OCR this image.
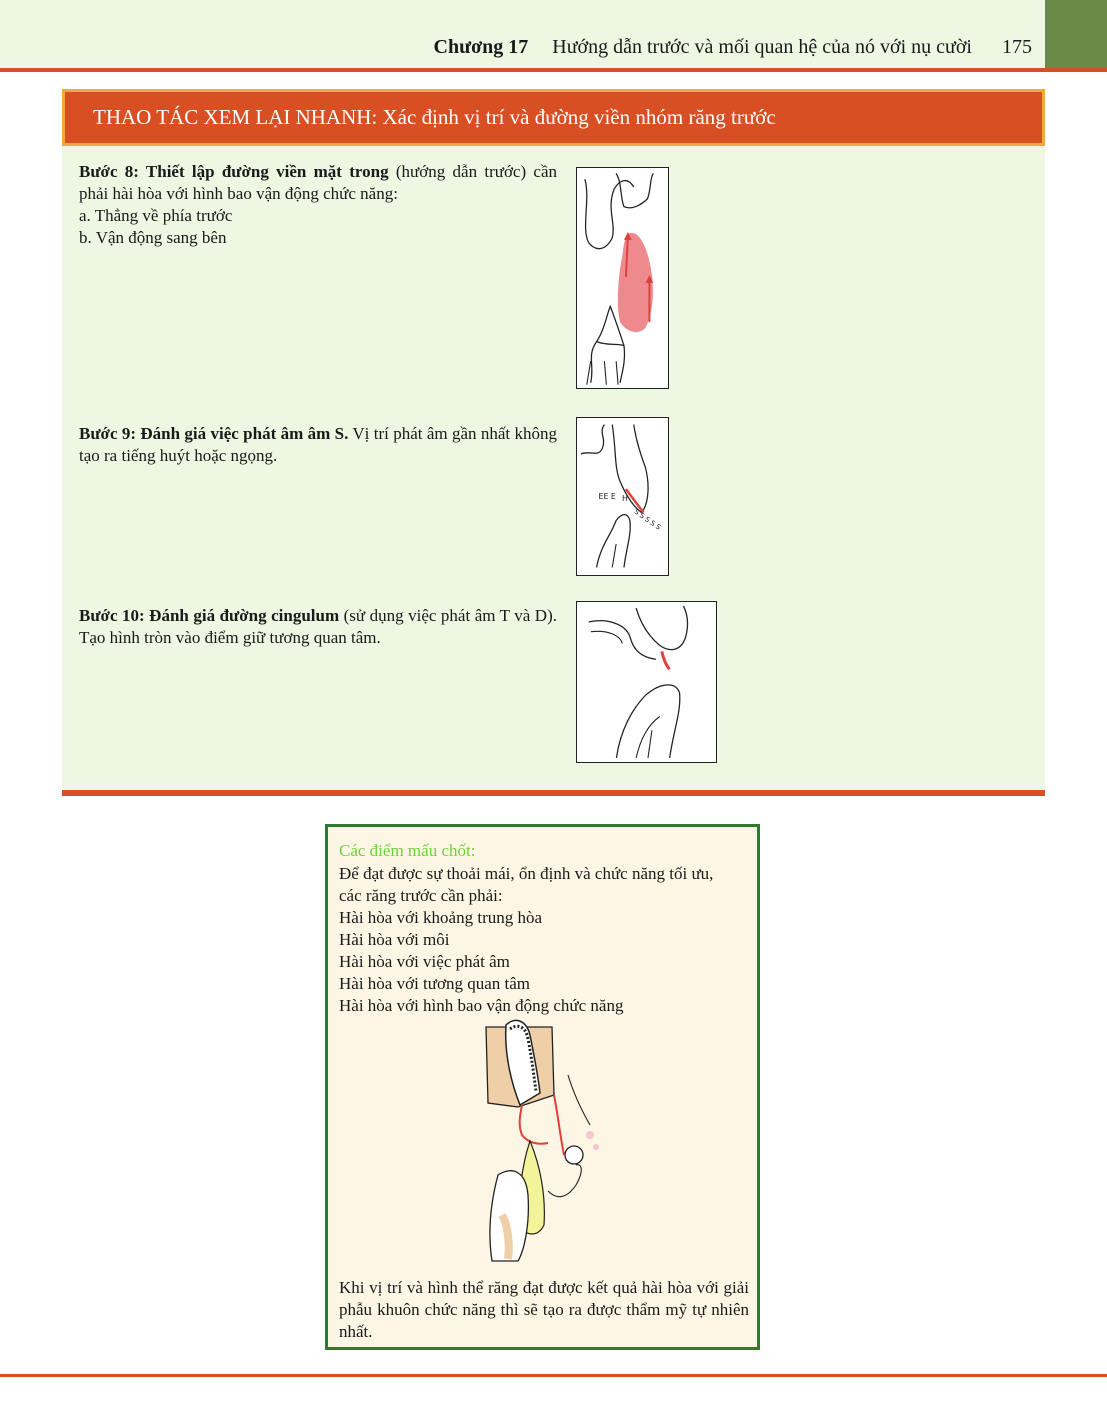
Chương 17 Hướng dẫn trước và mối quan hệ của nó với nụ cười 175
THAO TÁC XEM LẠI NHANH: Xác định vị trí và đường viền nhóm răng trước
Bước 8: Thiết lập đường viền mặt trong (hướng dẫn trước) cần phải hài hòa với hình bao vận động chức năng:
a. Thẳng về phía trước
b. Vận động sang bên
Bước 9: Đánh giá việc phát âm âm S. Vị trí phát âm gần nhất không tạo ra tiếng huýt hoặc ngọng.
EE E H
S S S S S
Bước 10: Đánh giá đường cingulum (sử dụng việc phát âm T và D). Tạo hình tròn vào điểm giữ tương quan tâm.
Các điểm mấu chốt:
Để đạt được sự thoải mái, ổn định và chức năng tối ưu,
các răng trước cần phải:
Hài hòa với khoảng trung hòa
Hài hòa với môi
Hài hòa với việc phát âm
Hài hòa với tương quan tâm
Hài hòa với hình bao vận động chức năng
Khi vị trí và hình thể răng đạt được kết quả hài hòa với giải phẫu khuôn chức năng thì sẽ tạo ra được thẩm mỹ tự nhiên nhất.
